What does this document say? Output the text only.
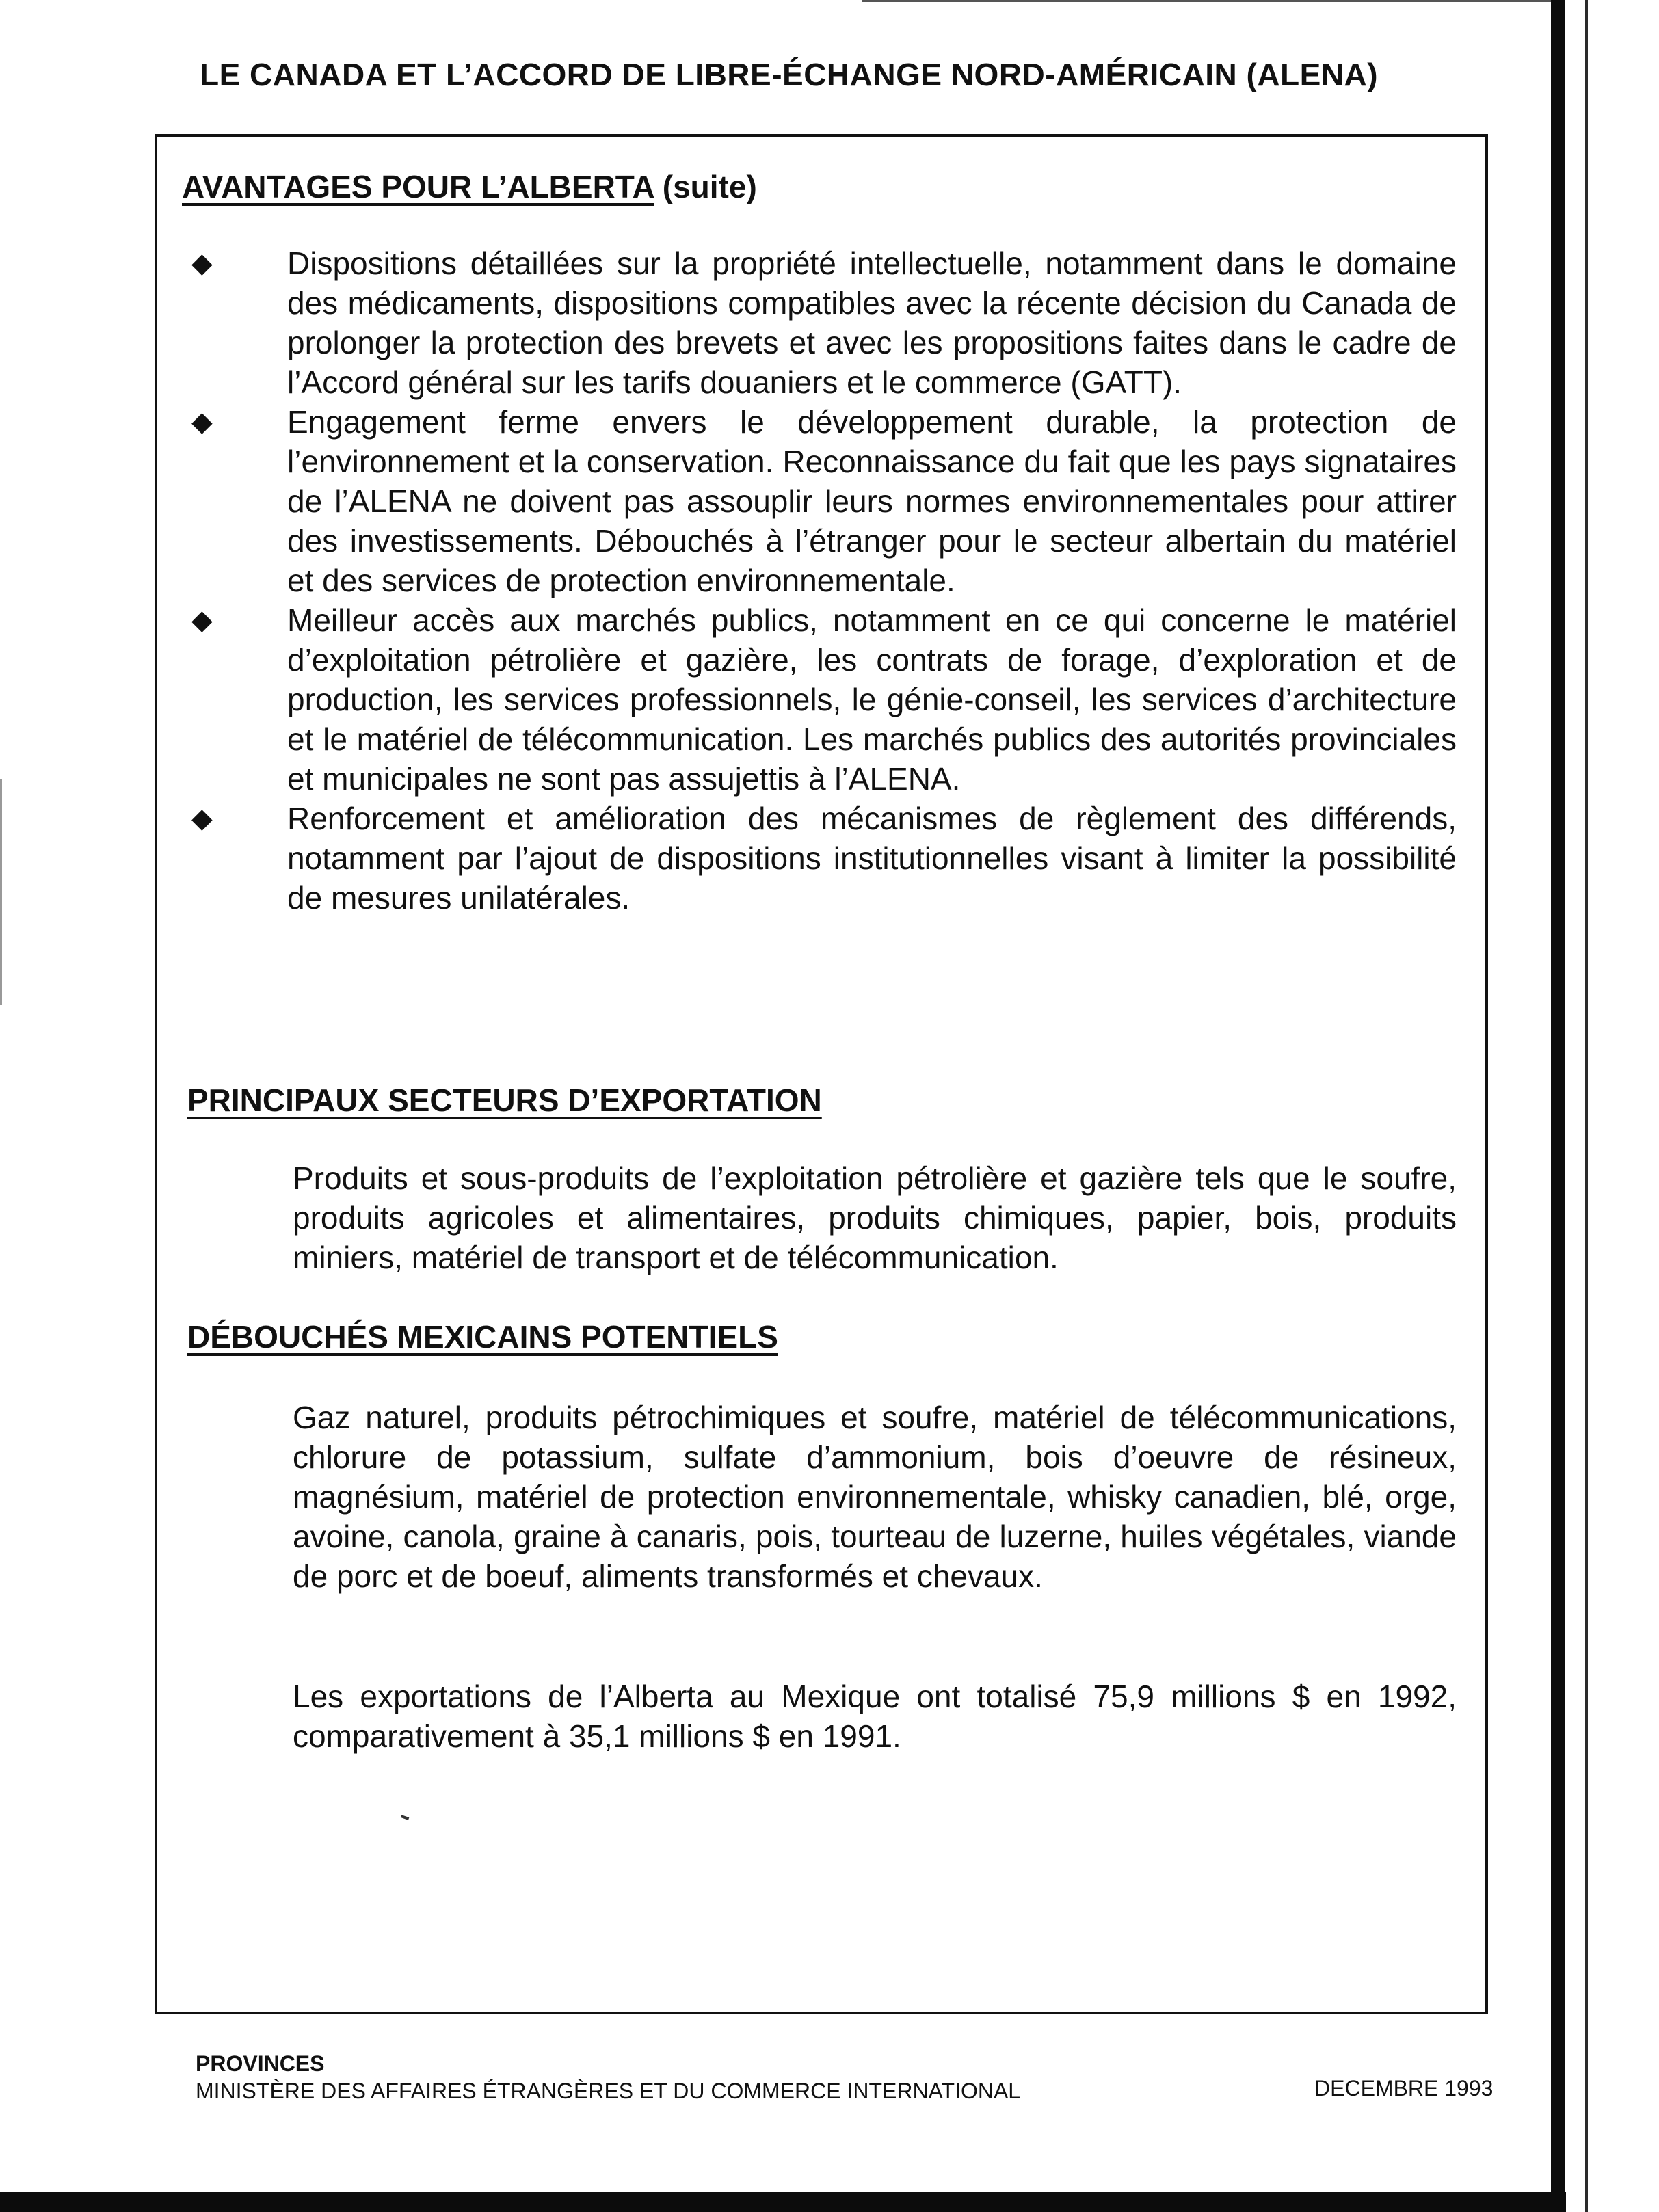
LE CANADA ET L’ACCORD DE LIBRE-ÉCHANGE NORD-AMÉRICAIN (ALENA)
AVANTAGES POUR L’ALBERTA (suite)
◆	Dispositions détaillées sur la propriété intellectuelle, notamment dans le domaine des médicaments, dispositions compatibles avec la récente décision du Canada de prolonger la protection des brevets et avec les propositions faites dans le cadre de l’Accord général sur les tarifs douaniers et le commerce (GATT).
◆	Engagement ferme envers le développement durable, la protection de l’environnement et la conservation. Reconnaissance du fait que les pays signataires de l’ALENA ne doivent pas assouplir leurs normes environnementales pour attirer des investissements. Débouchés à l’étranger pour le secteur albertain du matériel et des services de protection environnementale.
◆	Meilleur accès aux marchés publics, notamment en ce qui concerne le matériel d’exploitation pétrolière et gazière, les contrats de forage, d’exploration et de production, les services professionnels, le génie-conseil, les services d’architecture et le matériel de télécommunication. Les marchés publics des autorités provinciales et municipales ne sont pas assujettis à l’ALENA.
◆	Renforcement et amélioration des mécanismes de règlement des différends, notamment par l’ajout de dispositions institutionnelles visant à limiter la possibilité de mesures unilatérales.
PRINCIPAUX SECTEURS D’EXPORTATION
Produits et sous-produits de l’exploitation pétrolière et gazière tels que le soufre, produits agricoles et alimentaires, produits chimiques, papier, bois, produits miniers, matériel de transport et de télécommunication.
DÉBOUCHÉS MEXICAINS POTENTIELS
Gaz naturel, produits pétrochimiques et soufre, matériel de télécommunications, chlorure de potassium, sulfate d’ammonium, bois d’oeuvre de résineux, magnésium, matériel de protection environnementale, whisky canadien, blé, orge, avoine, canola, graine à canaris, pois, tourteau de luzerne, huiles végétales, viande de porc et de boeuf, aliments transformés et chevaux.
Les exportations de l’Alberta au Mexique ont totalisé 75,9 millions $ en 1992, comparativement à 35,1 millions $ en 1991.
PROVINCES
MINISTÈRE DES AFFAIRES ÉTRANGÈRES ET DU COMMERCE INTERNATIONAL	DECEMBRE 1993
